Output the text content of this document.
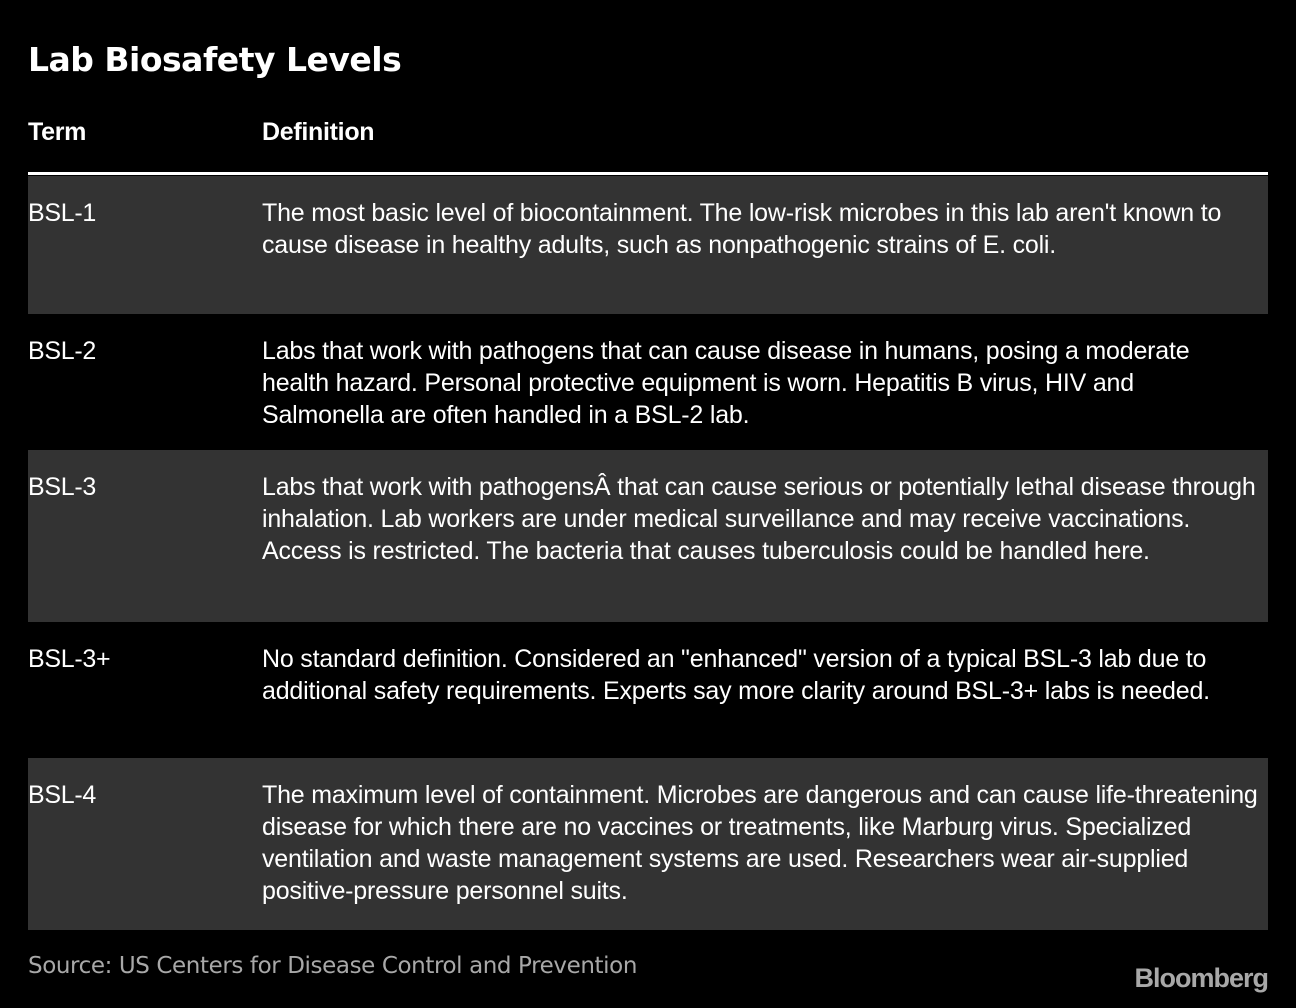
Lab Biosafety Levels
Term	Definition
BSL-1	The most basic level of biocontainment. The low-risk microbes in this lab aren't known to cause disease in healthy adults, such as nonpathogenic strains of E. coli.
BSL-2	Labs that work with pathogens that can cause disease in humans, posing a moderate health hazard. Personal protective equipment is worn. Hepatitis B virus, HIV and Salmonella are often handled in a BSL-2 lab.
BSL-3	Labs that work with pathogensÂ that can cause serious or potentially lethal disease through inhalation. Lab workers are under medical surveillance and may receive vaccinations. Access is restricted. The bacteria that causes tuberculosis could be handled here.
BSL-3+	No standard definition. Considered an "enhanced" version of a typical BSL-3 lab due to additional safety requirements. Experts say more clarity around BSL-3+ labs is needed.
BSL-4	The maximum level of containment. Microbes are dangerous and can cause life-threatening disease for which there are no vaccines or treatments, like Marburg virus. Specialized ventilation and waste management systems are used. Researchers wear air-supplied positive-pressure personnel suits.
Source: US Centers for Disease Control and Prevention	Bloomberg
